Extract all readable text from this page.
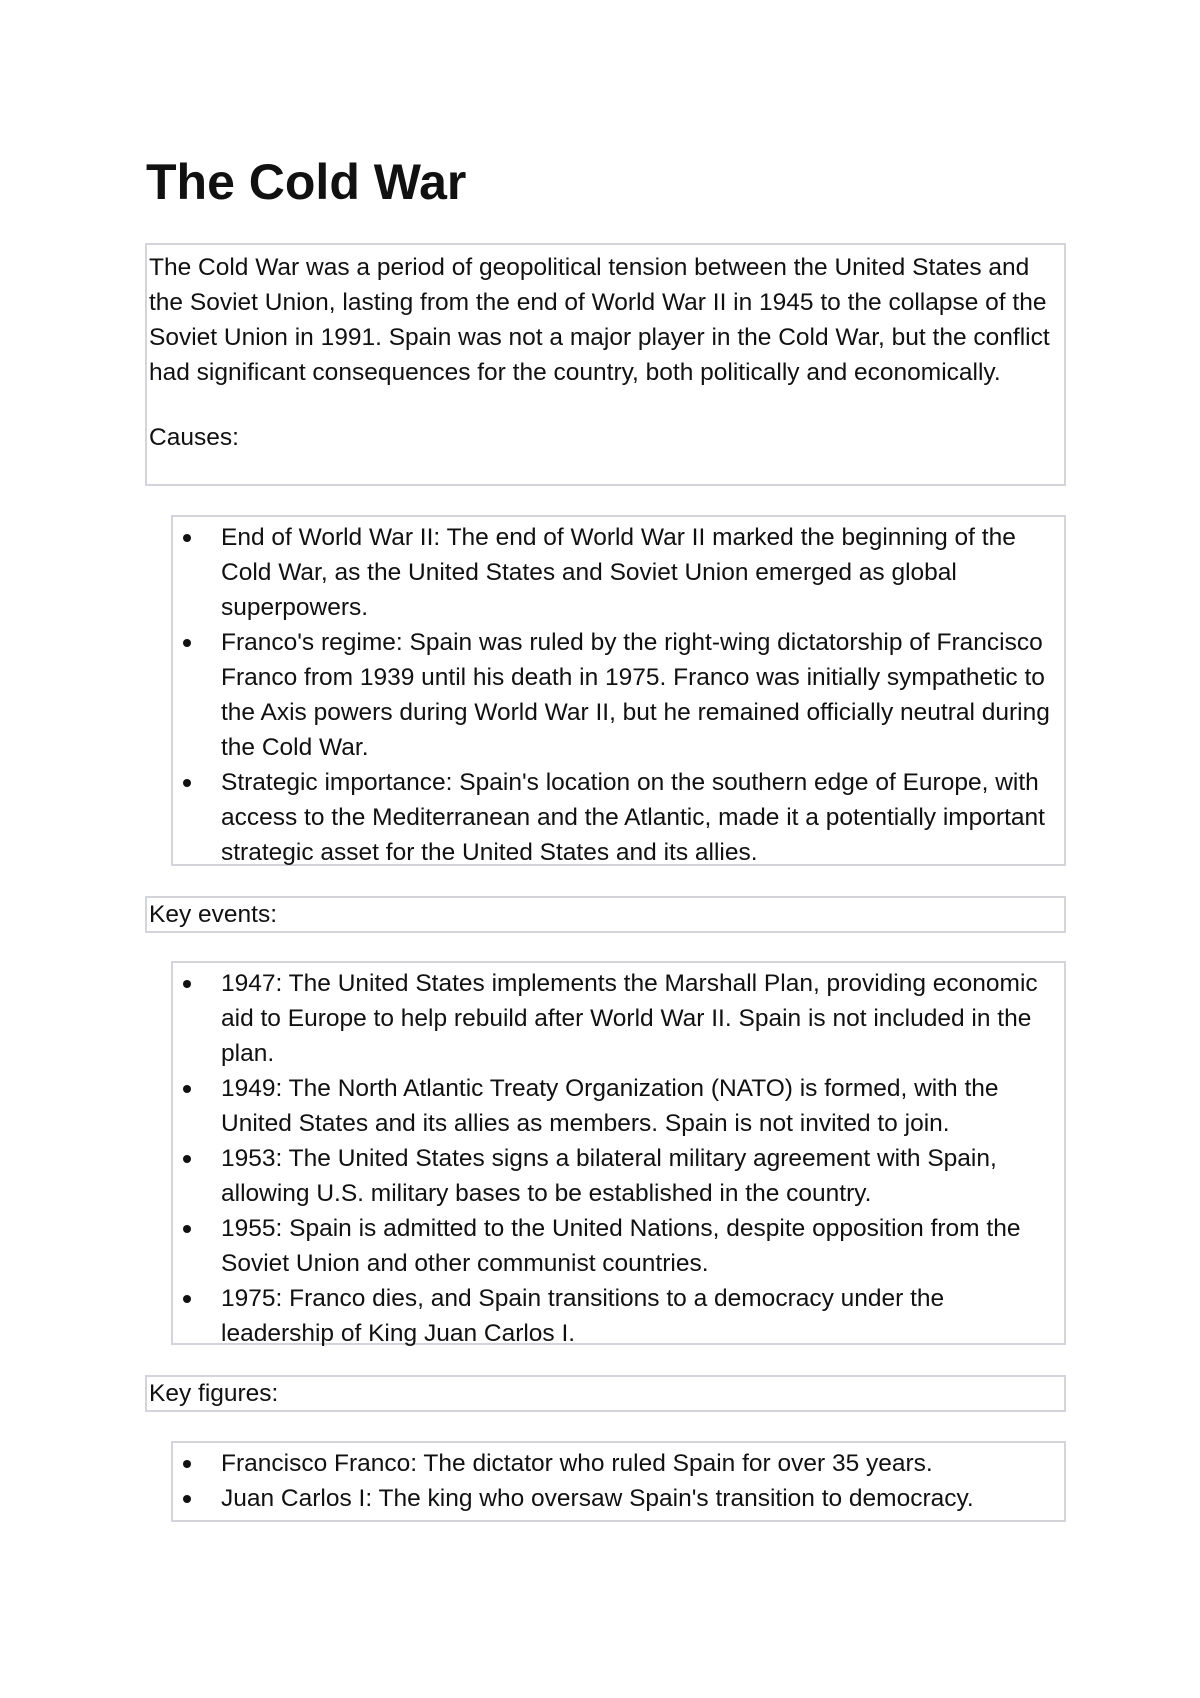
The Cold War

The Cold War was a period of geopolitical tension between the United States and the Soviet Union, lasting from the end of World War II in 1945 to the collapse of the Soviet Union in 1991. Spain was not a major player in the Cold War, but the conflict had significant consequences for the country, both politically and economically.

Causes:

End of World War II: The end of World War II marked the beginning of the Cold War, as the United States and Soviet Union emerged as global superpowers.
Franco's regime: Spain was ruled by the right-wing dictatorship of Francisco Franco from 1939 until his death in 1975. Franco was initially sympathetic to the Axis powers during World War II, but he remained officially neutral during the Cold War.
Strategic importance: Spain's location on the southern edge of Europe, with access to the Mediterranean and the Atlantic, made it a potentially important strategic asset for the United States and its allies.

Key events:

1947: The United States implements the Marshall Plan, providing economic aid to Europe to help rebuild after World War II. Spain is not included in the plan.
1949: The North Atlantic Treaty Organization (NATO) is formed, with the United States and its allies as members. Spain is not invited to join.
1953: The United States signs a bilateral military agreement with Spain, allowing U.S. military bases to be established in the country.
1955: Spain is admitted to the United Nations, despite opposition from the Soviet Union and other communist countries.
1975: Franco dies, and Spain transitions to a democracy under the leadership of King Juan Carlos I.

Key figures:

Francisco Franco: The dictator who ruled Spain for over 35 years.
Juan Carlos I: The king who oversaw Spain's transition to democracy.
